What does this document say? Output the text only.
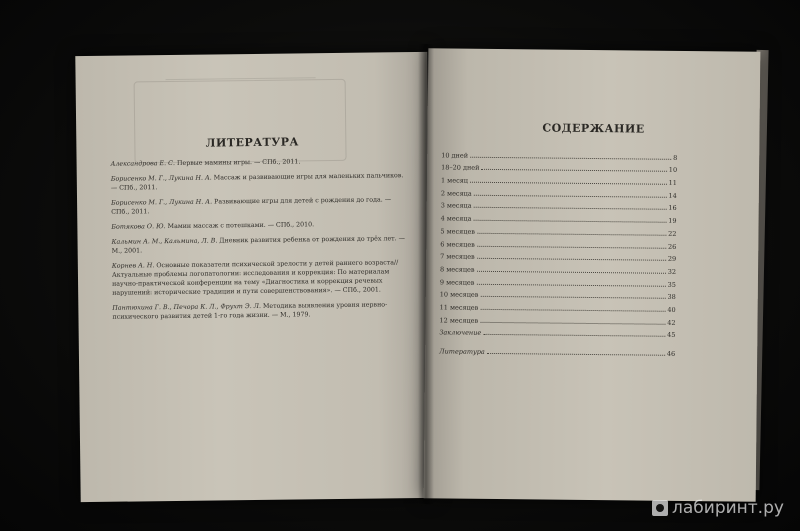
ЛИТЕРАТУРА

Александрова Е. С. Первые мамины игры. — СПб., 2011.

Борисенко М. Г., Лукина Н. А. Массаж и развивающие игры для маленьких пальчиков. — СПб., 2011.

Борисенко М. Г., Лукина Н. А. Развивающие игры для детей с рождения до года. — СПб., 2011.

Ботякова О. Ю. Мамин массаж с потешками. — СПб., 2010.

Кальмин А. М., Кальмина, Л. В. Дневник развития ребенка от рождения до трёх лет. — М., 2001.

Корнев А. Н. Основные показатели психической зрелости у детей раннего возраста// Актуальные проблемы логопатологии: исследования и коррекция: По материалам научно-практической конференции на тему «Диагностика и коррекция речевых нарушений: исторические традиции и пути совершенствования». — СПб., 2001.

Пантюхина Г. В., Печора К. Л., Фрухт Э. Л. Методика выявления уровня нервно-психического развития детей 1-го года жизни. — М., 1979.

СОДЕРЖАНИЕ
10 дней	8
18–20 дней	10
1 месяц	11
2 месяца	14
3 месяца	16
4 месяца	19
5 месяцев	22
6 месяцев	26
7 месяцев	29
8 месяцев	32
9 месяцев	35
10 месяцев	38
11 месяцев	40
12 месяцев	42
Заключение	45
Литература	46
лабиринт.ру
